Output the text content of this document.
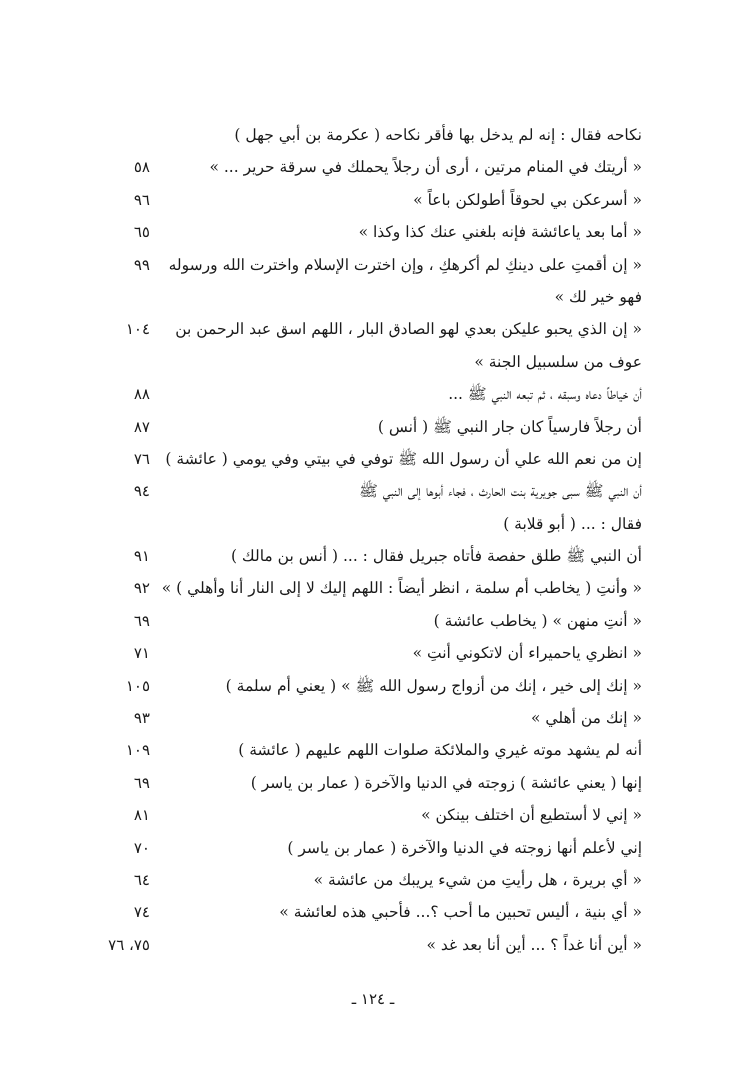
نكاحه فقال : إنه لم يدخل بها فأقر نكاحه ( عكرمة بن أبي جهل )
« أريتك في المنام مرتين ، أرى أن رجلاً يحملك في سرقة حرير ... »
٥٨
« أسرعكن بي لحوقاً أطولكن باعاً »
٩٦
« أما بعد ياعائشة فإنه بلغني عنك كذا وكذا »
٦٥
« إن أقمتِ على دينكِ لم أكرهكِ ، وإن اخترت الإسلام واخترت الله ورسوله
٩٩
فهو خير لك »
« إن الذي يحبو عليكن بعدي لهو الصادق البار ، اللهم اسق عبد الرحمن بن
١٠٤
عوف من سلسبيل الجنة »
أن خياطاً دعاه وسبقه ، ثم تبعه النبي ﷺ ...
٨٨
أن رجلاً فارسياً كان جار النبي ﷺ ( أنس )
٨٧
إن من نعم الله علي أن رسول الله ﷺ توفي في بيتي وفي يومي ( عائشة )
٧٦
أن النبي ﷺ سبى جويرية بنت الحارث ، فجاء أبوها إلى النبي ﷺ
٩٤
فقال : ... ( أبو قلابة )
أن النبي ﷺ طلق حفصة فأتاه جبريل فقال : ... ( أنس بن مالك )
٩١
« وأنتِ ( يخاطب أم سلمة ، انظر أيضاً : اللهم إليك لا إلى النار أنا وأهلي ) »
٩٢
« أنتِ منهن » ( يخاطب عائشة )
٦٩
« انظري ياحميراء أن لاتكوني أنتِ »
٧١
« إنك إلى خير ، إنك من أزواج رسول الله ﷺ » ( يعني أم سلمة )
١٠٥
« إنك من أهلي »
٩٣
أنه لم يشهد موته غيري والملائكة صلوات اللهم عليهم ( عائشة )
١٠٩
إنها ( يعني عائشة ) زوجته في الدنيا والآخرة ( عمار بن ياسر )
٦٩
« إني لا أستطيع أن اختلف بينكن »
٨١
إني لأعلم أنها زوجته في الدنيا والآخرة ( عمار بن ياسر )
٧٠
« أي بريرة ، هل رأيتِ من شيء يريبك من عائشة »
٦٤
« أي بنية ، أليس تحبين ما أحب ؟... فأحبي هذه لعائشة »
٧٤
« أين أنا غداً ؟ ... أين أنا بعد غد »
٧٥، ٧٦
ـ ١٢٤ ـ
